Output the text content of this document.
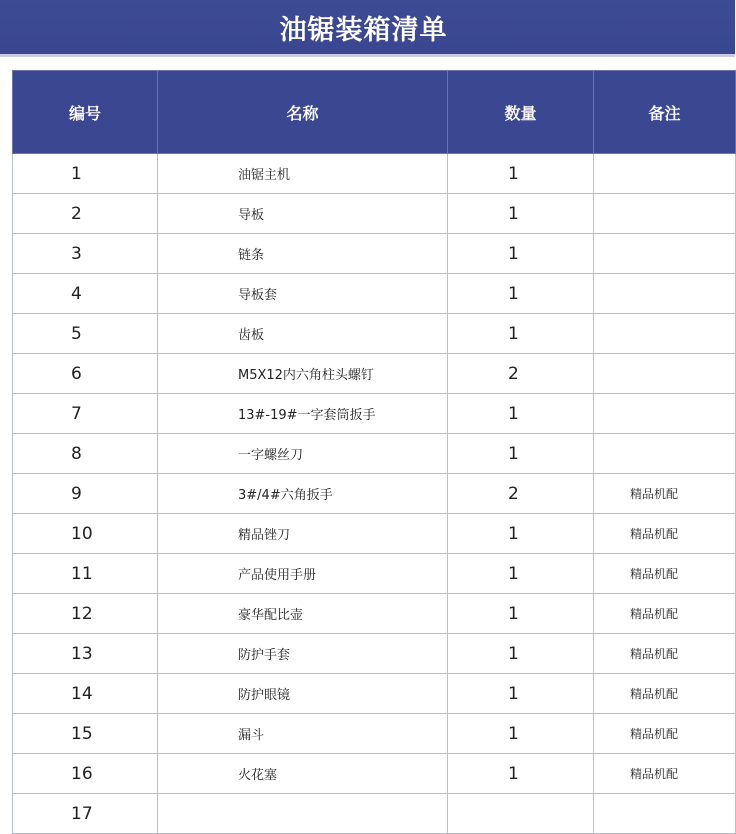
油锯装箱清单
编号	名称	数量	备注
1	油锯主机	1	
2	导板	1	
3	链条	1	
4	导板套	1	
5	齿板	1	
6	M5X12内六角柱头螺钉	2	
7	13#-19#一字套筒扳手	1	
8	一字螺丝刀	1	
9	3#/4#六角扳手	2	精品机配
10	精品锉刀	1	精品机配
11	产品使用手册	1	精品机配
12	豪华配比壶	1	精品机配
13	防护手套	1	精品机配
14	防护眼镜	1	精品机配
15	漏斗	1	精品机配
16	火花塞	1	精品机配
17			
